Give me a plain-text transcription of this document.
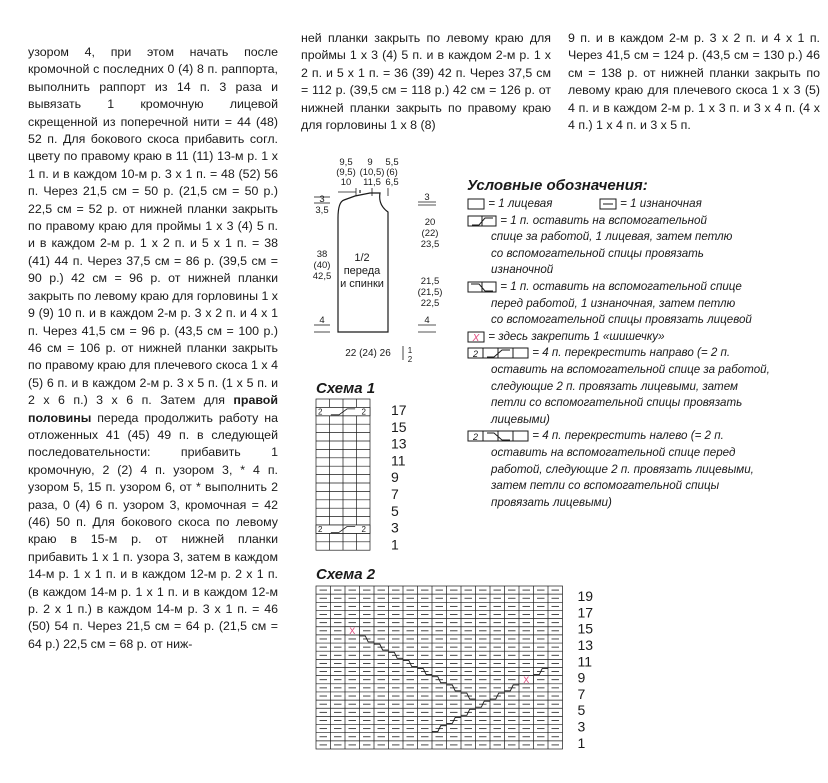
узором 4, при этом начать после кромочной с последних 0 (4) 8 п. раппорта, выполнить раппорт из 14 п. 3 раза и вывязать 1 кромочную лицевой скрещенной из поперечной нити = 44 (48) 52 п. Для бокового скоса прибавить согл. цвету по правому краю в 11 (11) 13-м р. 1 х 1 п. и в каждом 10-м р. 3 х 1 п. = 48 (52) 56 п. Через 21,5 см = 50 р. (21,5 см = 50 р.) 22,5 см = 52 р. от нижней планки закрыть по правому краю для проймы 1 х 3 (4) 5 п. и в каждом 2-м р. 1 х 2 п. и 5 х 1 п. = 38 (41) 44 п. Через 37,5 см = 86 р. (39,5 см = 90 р.) 42 см = 96 р. от нижней планки закрыть по левому краю для горловины 1 х 9 (9) 10 п. и в каждом 2-м р. 3 х 2 п. и 4 х 1 п. Через 41,5 см = 96 р. (43,5 см = 100 р.) 46 см = 106 р. от нижней планки закрыть по правому краю для плечевого скоса 1 х 4 (5) 6 п. и в каждом 2-м р. 3 х 5 п. (1 х 5 п. и 2 х 6 п.) 3 х 6 п. Затем для правой половины переда продолжить работу на отложенных 41 (45) 49 п. в следующей последовательности: прибавить 1 кромочную, 2 (2) 4 п. узором 3, * 4 п. узором 5, 15 п. узором 6, от * выполнить 2 раза, 0 (4) 6 п. узором 3, кромочная = 42 (46) 50 п. Для бокового скоса по левому краю в 15-м р. от нижней планки прибавить 1 х 1 п. узора 3, затем в каждом 14-м р. 1 х 1 п. и в каждом 12-м р. 2 х 1 п. (в каждом 14-м р. 1 х 1 п. и в каждом 12-м р. 2 х 1 п.) в каждом 14-м р. 3 х 1 п. = 46 (50) 54 п. Через 21,5 см = 64 р. (21,5 см = 64 р.) 22,5 см = 68 р. от ниж-

ней планки закрыть по левому краю для проймы 1 х 3 (4) 5 п. и в каждом 2-м р. 1 х 2 п. и 5 х 1 п. = 36 (39) 42 п. Через 37,5 см = 112 р. (39,5 см = 118 р.) 42 см = 126 р. от нижней планки закрыть по правому краю для горловины 1 х 8 (8)

9 п. и в каждом 2-м р. 3 х 2 п. и 4 х 1 п. Через 41,5 см = 124 р. (43,5 см = 130 р.) 46 см = 138 р. от нижней планки закрыть по левому краю для плечевого скоса 1 х 3 (5) 4 п. и в каждом 2-м р. 1 х 3 п. и 3 х 4 п. (4 х 4 п.) 1 х 4 п. и 3 х 5 п.

9,5
(9,5)
10
9
(10,5)
11,5
5,5
(6)
6,5
3
3,5
38
(40)
42,5
4
3
20
(22)
23,5
21,5
(21,5)
22,5
4
1/2
переда
и спинки
22 (24) 26 1
2
Условные обозначения:
= 1 лицевая	= 1 изнаночная
= 1 п. оставить на вспомогательной
спице за работой, 1 лицевая, затем петлю
со вспомогательной спицы провязать
изнаночной
= 1 п. оставить на вспомогательной спице
перед работой, 1 изнаночная, затем петлю
со вспомогательной спицы провязать лицевой
X = здесь закрепить 1 «шишечку»
2	= 4 п. перекрестить направо (= 2 п.
оставить на вспомогательной спице за работой,
следующие 2 п. провязать лицевыми, затем
петли со вспомогательной спицы провязать
лицевыми)
2	= 4 п. перекрестить налево (= 2 п.
оставить на вспомогательной спице перед
работой, следующие 2 п. провязать лицевыми,
затем петли со вспомогательной спицы
провязать лицевыми)
Схема 1
2	2
2	2
17
15
13
11
9
7
5
3
1
Схема 2
X
X
19
17
15
13
11
9
7
5
3
1
